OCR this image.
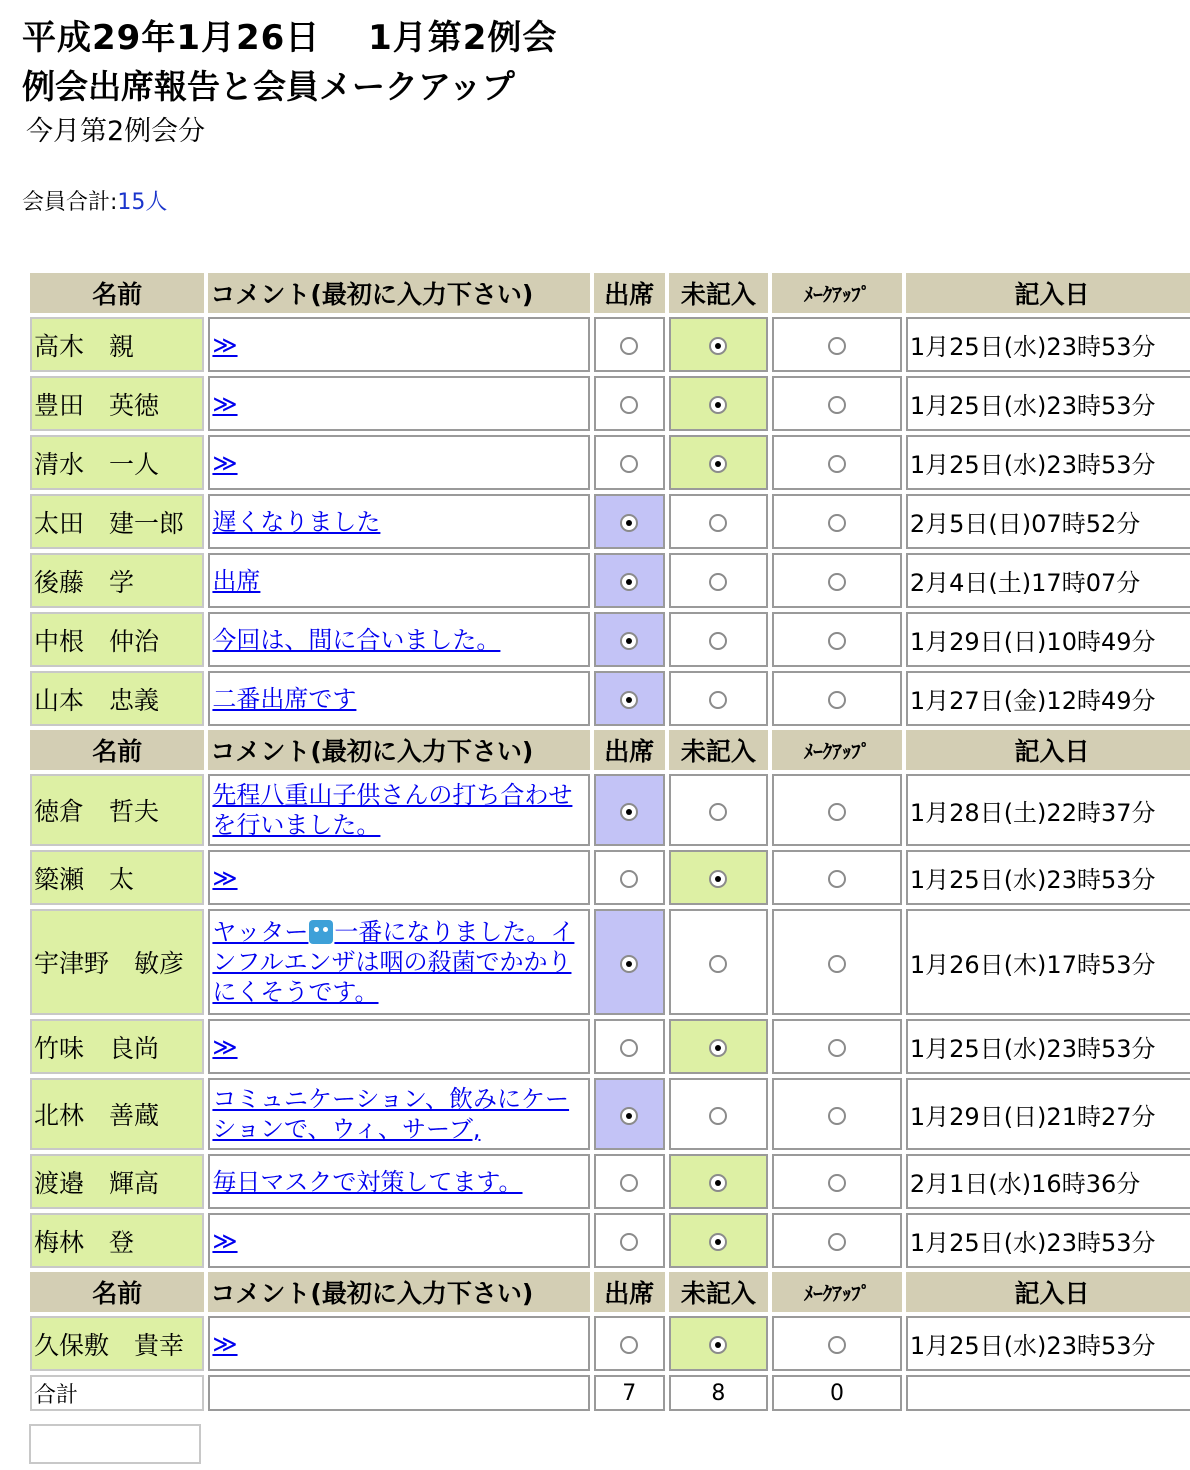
平成29年1月26日　 1月第2例会
例会出席報告と会員メークアップ
今月第2例会分
会員合計:15人
名前	コメント(最初に入力下さい)	出席	未記入	ﾒｰｸｱｯﾌﾟ	記入日
高木　親	≫				1月25日(水)23時53分
豊田　英徳	≫				1月25日(水)23時53分
清水　一人	≫				1月25日(水)23時53分
太田　建一郎	遅くなりました				2月5日(日)07時52分
後藤　学	出席				2月4日(土)17時07分
中根　仲治	今回は、間に合いました。				1月29日(日)10時49分
山本　忠義	二番出席です				1月27日(金)12時49分
名前	コメント(最初に入力下さい)	出席	未記入	ﾒｰｸｱｯﾌﾟ	記入日
徳倉　哲夫	先程八重山子供さんの打ち合わせを行いました。				1月28日(土)22時37分
簗瀬　太	≫				1月25日(水)23時53分
宇津野　敏彦	ヤッター 一番になりました。インフルエンザは咽の殺菌でかかりにくそうです。				1月26日(木)17時53分
竹味　良尚	≫				1月25日(水)23時53分
北林　善蔵	コミュニケーション、飲みにケーションで、ウィ、サーブ,				1月29日(日)21時27分
渡邉　輝高	毎日マスクで対策してます。				2月1日(水)16時36分
梅林　登	≫				1月25日(水)23時53分
名前	コメント(最初に入力下さい)	出席	未記入	ﾒｰｸｱｯﾌﾟ	記入日
久保敷　貴幸	≫				1月25日(水)23時53分
合計		7	8	0	
